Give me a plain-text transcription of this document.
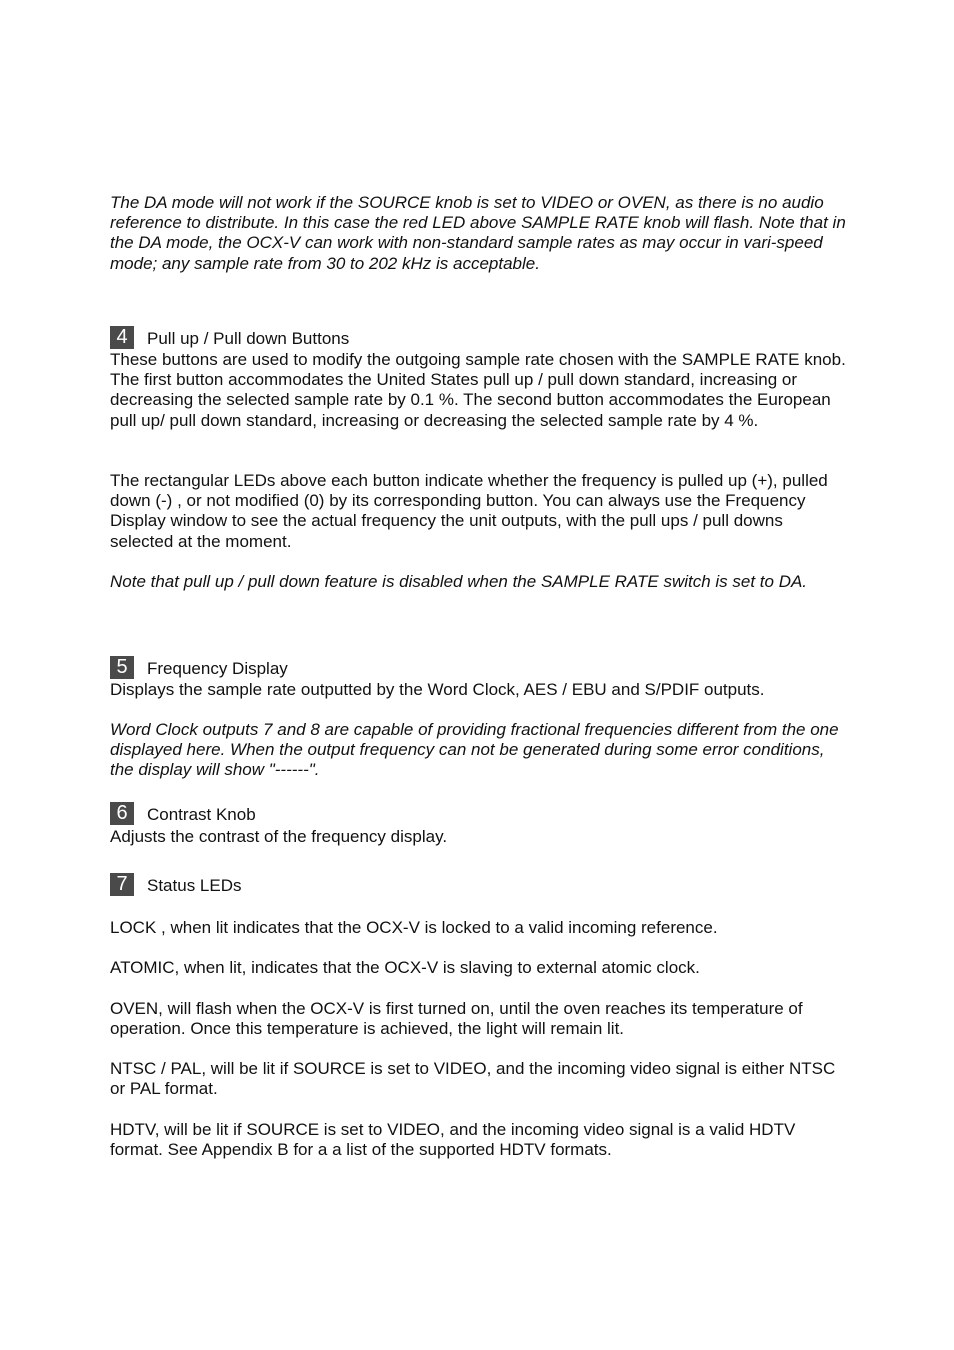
The DA mode will not work if the SOURCE knob is set to VIDEO or OVEN, as there is no audio reference to distribute. In this case the red LED above SAMPLE RATE knob will flash. Note that in the DA mode, the OCX-V can work with non-standard sample rates as may occur in vari-speed mode; any sample rate from 30 to 202 kHz is acceptable.

4	Pull up / Pull down Buttons

These buttons are used to modify the outgoing sample rate chosen with the SAMPLE RATE knob. The first button accommodates the United States pull up / pull down standard, increasing or decreasing the selected sample rate by 0.1 %. The second button accommodates the European pull up/ pull down standard, increasing or decreasing the selected sample rate by 4 %.

The rectangular LEDs above each button indicate whether the frequency is pulled up (+), pulled down (-) , or not modified (0) by its corresponding button. You can always use the Frequency Display window to see the actual frequency the unit outputs, with the pull ups / pull downs selected at the moment.

Note that pull up / pull down feature is disabled when the SAMPLE RATE switch is set to DA.

5	Frequency Display

Displays the sample rate outputted by the Word Clock, AES / EBU and S/PDIF outputs.

Word Clock outputs 7 and 8 are capable of providing fractional frequencies different from the one displayed here. When the output frequency can not be generated during some error conditions, the display will show "------".

6	Contrast Knob

Adjusts the contrast of the frequency display.

7	Status LEDs

LOCK , when lit indicates that the OCX-V is locked to a valid incoming reference.

ATOMIC, when lit, indicates that the OCX-V is slaving to external atomic clock.

OVEN, will flash when the OCX-V is first turned on, until the oven reaches its temperature of operation. Once this temperature is achieved, the light will remain lit.

NTSC / PAL, will be lit if SOURCE is set to VIDEO, and the incoming video signal is either NTSC or PAL format.

HDTV, will be lit if SOURCE is set to VIDEO, and the incoming video signal is a valid HDTV format. See Appendix B for a a list of the supported HDTV formats.
